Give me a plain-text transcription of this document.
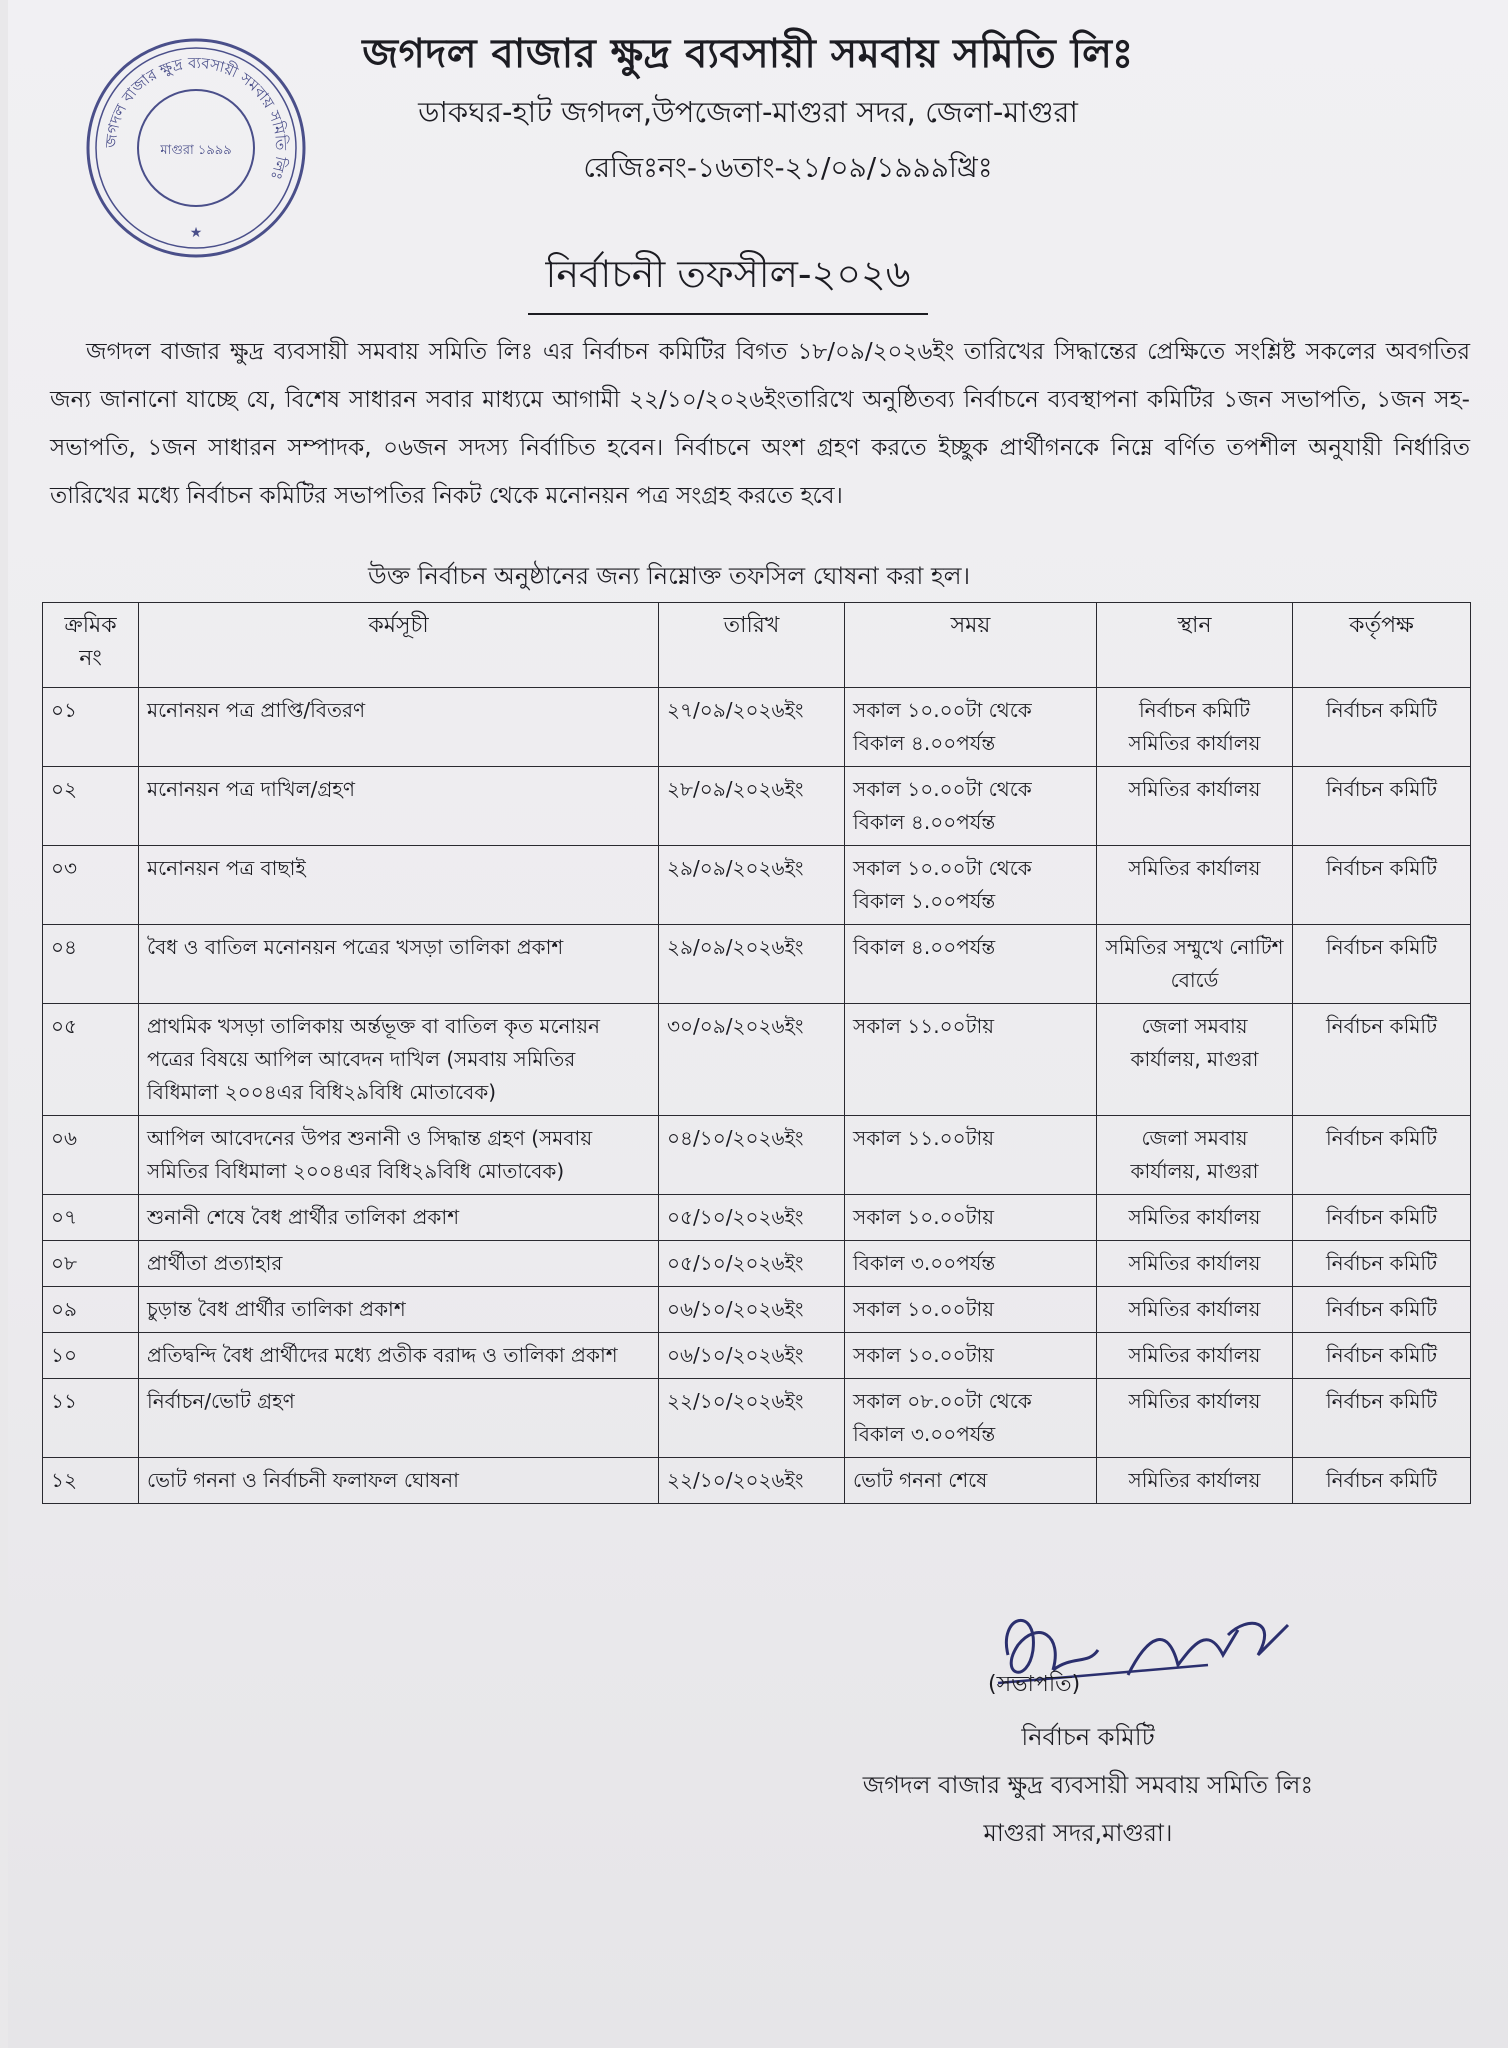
জগদল বাজার ক্ষুদ্র ব্যবসায়ী সমবায় সমিতি লিঃ
মাগুরা ১৯৯৯
★
জগদল বাজার ক্ষুদ্র ব্যবসায়ী সমবায় সমিতি লিঃ
ডাকঘর-হাট জগদল,উপজেলা-মাগুরা সদর, জেলা-মাগুরা
রেজিঃনং-১৬তাং-২১/০৯/১৯৯৯খ্রিঃ
নির্বাচনী তফসীল-২০২৬
জগদল বাজার ক্ষুদ্র ব্যবসায়ী সমবায় সমিতি লিঃ এর নির্বাচন কমিটির বিগত ১৮/০৯/২০২৬ইং তারিখের সিদ্ধান্তের প্রেক্ষিতে সংশ্লিষ্ট সকলের অবগতির জন্য জানানো যাচ্ছে যে, বিশেষ সাধারন সবার মাধ্যমে আগামী ২২/১০/২০২৬ইংতারিখে অনুষ্ঠিতব্য নির্বাচনে ব্যবস্থাপনা কমিটির ১জন সভাপতি, ১জন সহ-সভাপতি, ১জন সাধারন সম্পাদক, ০৬জন সদস্য নির্বাচিত হবেন। নির্বাচনে অংশ গ্রহণ করতে ইচ্ছুক প্রার্থীগনকে নিম্নে বর্ণিত তপশীল অনুযায়ী নির্ধারিত তারিখের মধ্যে নির্বাচন কমিটির সভাপতির নিকট থেকে মনোনয়ন পত্র সংগ্রহ করতে হবে।
উক্ত নির্বাচন অনুষ্ঠানের জন্য নিম্নোক্ত তফসিল ঘোষনা করা হল।
ক্রমিক নং	কর্মসূচী	তারিখ	সময়	স্থান	কর্তৃপক্ষ
০১	মনোনয়ন পত্র প্রাপ্তি/বিতরণ	২৭/০৯/২০২৬ইং	সকাল ১০.০০টা থেকে বিকাল ৪.০০পর্যন্ত	নির্বাচন কমিটি সমিতির কার্যালয়	নির্বাচন কমিটি
০২	মনোনয়ন পত্র দাখিল/গ্রহণ	২৮/০৯/২০২৬ইং	সকাল ১০.০০টা থেকে বিকাল ৪.০০পর্যন্ত	সমিতির কার্যালয়	নির্বাচন কমিটি
০৩	মনোনয়ন পত্র বাছাই	২৯/০৯/২০২৬ইং	সকাল ১০.০০টা থেকে বিকাল ১.০০পর্যন্ত	সমিতির কার্যালয়	নির্বাচন কমিটি
০৪	বৈধ ও বাতিল মনোনয়ন পত্রের খসড়া তালিকা প্রকাশ	২৯/০৯/২০২৬ইং	বিকাল ৪.০০পর্যন্ত	সমিতির সম্মুখে নোটিশ বোর্ডে	নির্বাচন কমিটি
০৫	প্রাথমিক খসড়া তালিকায় অর্ন্তভূক্ত বা বাতিল কৃত মনোয়ন পত্রের বিষয়ে আপিল আবেদন দাখিল (সমবায় সমিতির বিধিমালা ২০০৪এর বিধি২৯বিধি মোতাবেক)	৩০/০৯/২০২৬ইং	সকাল ১১.০০টায়	জেলা সমবায় কার্যালয়, মাগুরা	নির্বাচন কমিটি
০৬	আপিল আবেদনের উপর শুনানী ও সিদ্ধান্ত গ্রহণ (সমবায় সমিতির বিধিমালা ২০০৪এর বিধি২৯বিধি মোতাবেক)	০৪/১০/২০২৬ইং	সকাল ১১.০০টায়	জেলা সমবায় কার্যালয়, মাগুরা	নির্বাচন কমিটি
০৭	শুনানী শেষে বৈধ প্রার্থীর তালিকা প্রকাশ	০৫/১০/২০২৬ইং	সকাল ১০.০০টায়	সমিতির কার্যালয়	নির্বাচন কমিটি
০৮	প্রার্থীতা প্রত্যাহার	০৫/১০/২০২৬ইং	বিকাল ৩.০০পর্যন্ত	সমিতির কার্যালয়	নির্বাচন কমিটি
০৯	চুড়ান্ত বৈধ প্রার্থীর তালিকা প্রকাশ	০৬/১০/২০২৬ইং	সকাল ১০.০০টায়	সমিতির কার্যালয়	নির্বাচন কমিটি
১০	প্রতিদ্বন্দি বৈধ প্রার্থীদের মধ্যে প্রতীক বরাদ্দ ও তালিকা প্রকাশ	০৬/১০/২০২৬ইং	সকাল ১০.০০টায়	সমিতির কার্যালয়	নির্বাচন কমিটি
১১	নির্বাচন/ভোট গ্রহণ	২২/১০/২০২৬ইং	সকাল ০৮.০০টা থেকে বিকাল ৩.০০পর্যন্ত	সমিতির কার্যালয়	নির্বাচন কমিটি
১২	ভোট গননা ও নির্বাচনী ফলাফল ঘোষনা	২২/১০/২০২৬ইং	ভোট গননা শেষে	সমিতির কার্যালয়	নির্বাচন কমিটি
(সভাপতি)
নির্বাচন কমিটি
জগদল বাজার ক্ষুদ্র ব্যবসায়ী সমবায় সমিতি লিঃ
মাগুরা সদর,মাগুরা।
